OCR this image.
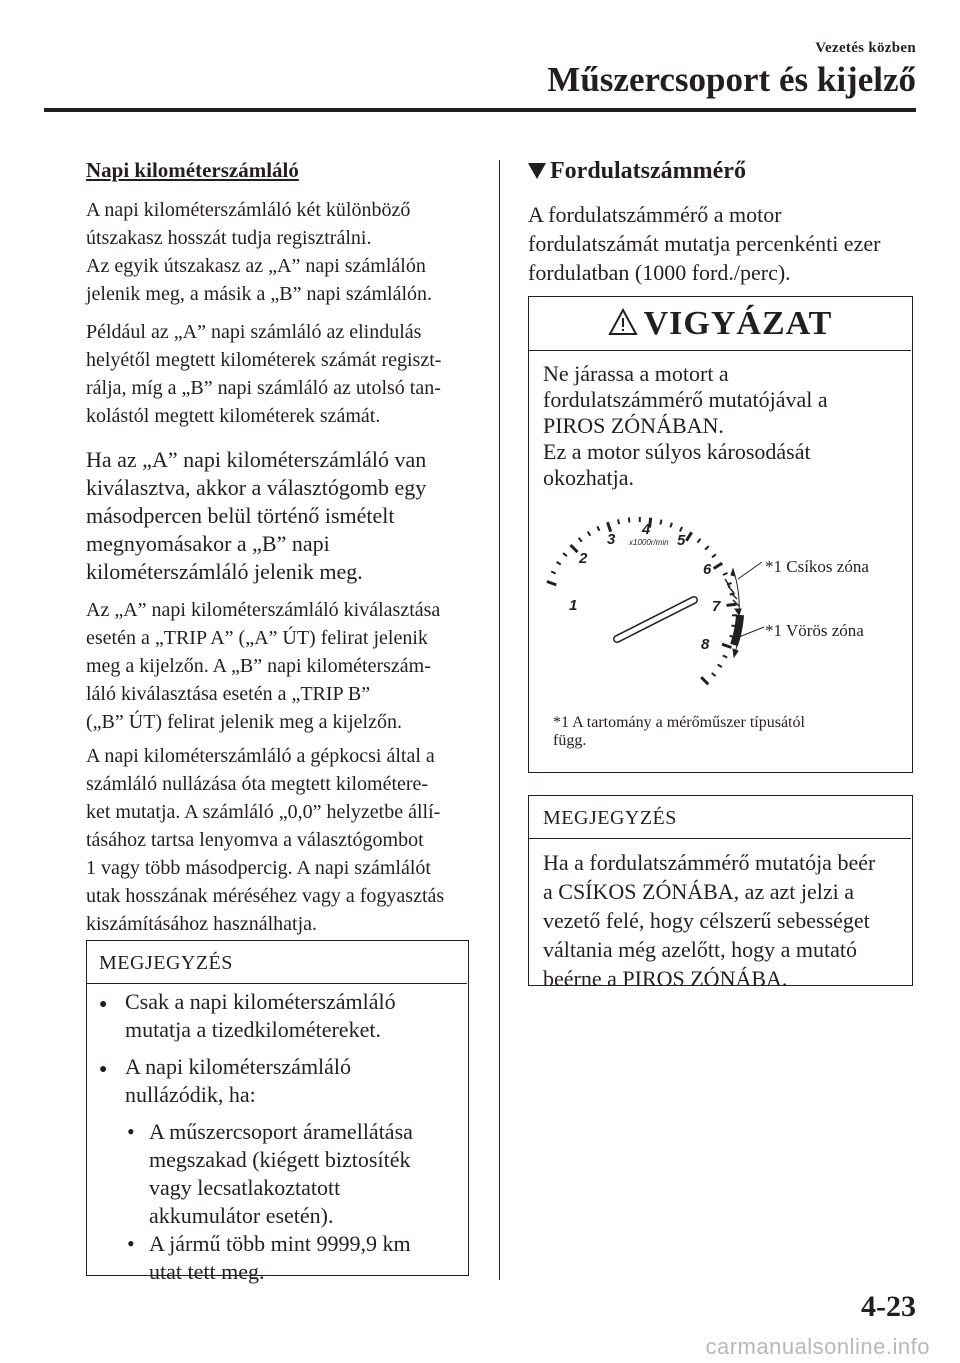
Vezetés közben
Műszercsoport és kijelző
Napi kilométerszámláló
A napi kilométerszámláló két különböző
útszakasz hosszát tudja regisztrálni.
Az egyik útszakasz az „A” napi számlálón
jelenik meg, a másik a „B” napi számlálón.
Például az „A” napi számláló az elindulás
helyétől megtett kilométerek számát regiszt-
rálja, míg a „B” napi számláló az utolsó tan-
kolástól megtett kilométerek számát.
Ha az „A” napi kilométerszámláló van
kiválasztva, akkor a választógomb egy
másodpercen belül történő ismételt
megnyomásakor a „B” napi
kilométerszámláló jelenik meg.
Az „A” napi kilométerszámláló kiválasztása
esetén a „TRIP A” („A” ÚT) felirat jelenik
meg a kijelzőn. A „B” napi kilométerszám-
láló kiválasztása esetén a „TRIP B”
(„B” ÚT) felirat jelenik meg a kijelzőn.
A napi kilométerszámláló a gépkocsi által a
számláló nullázása óta megtett kilométere-
ket mutatja. A számláló „0,0” helyzetbe állí-
tásához tartsa lenyomva a választógombot
1 vagy több másodpercig. A napi számlálót
utak hosszának méréséhez vagy a fogyasztás
kiszámításához használhatja.
MEGJEGYZÉS
● Csak a napi kilométerszámláló
mutatja a tizedkilométereket.
● A napi kilométerszámláló
nullázódik, ha:
• A műszercsoport áramellátása
megszakad (kiégett biztosíték
vagy lecsatlakoztatott
akkumulátor esetén).
• A jármű több mint 9999,9 km
utat tett meg.
Fordulatszámmérő
A fordulatszámmérő a motor
fordulatszámát mutatja percenkénti ezer
fordulatban (1000 ford./perc).
VIGYÁZAT
Ne járassa a motort a
fordulatszámmérő mutatójával a
PIROS ZÓNÁBAN.
Ez a motor súlyos károsodását
okozhatja.
1
2
3
4
5
6
7
8
x1000r/min
*1 Csíkos zóna
*1 Vörös zóna
*1 A tartomány a mérőműszer típusától
függ.
MEGJEGYZÉS
Ha a fordulatszámmérő mutatója beér
a CSÍKOS ZÓNÁBA, az azt jelzi a
vezető felé, hogy célszerű sebességet
váltania még azelőtt, hogy a mutató
beérne a PIROS ZÓNÁBA.
4-23
carmanualsonline.info
